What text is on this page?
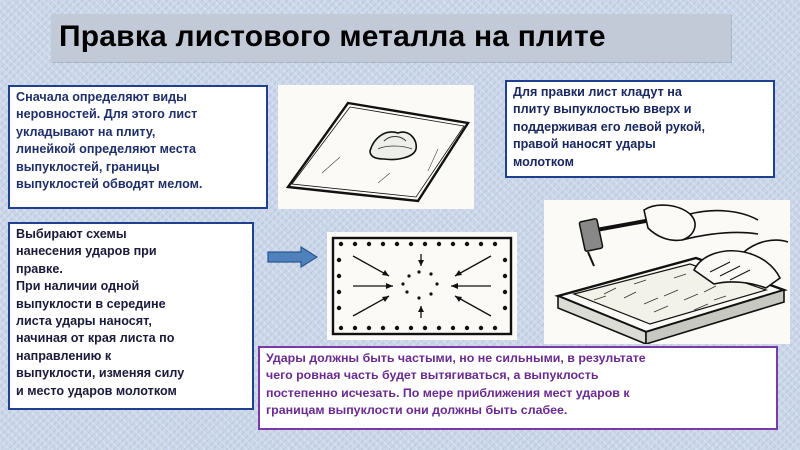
Правка листового металла на плите

Сначала определяют виды

неровностей. Для этого лист

укладывают на плиту,

линейкой определяют места

выпуклостей, границы

выпуклостей обводят мелом.

Для правки лист кладут на

плиту выпуклостью вверх и

поддерживая его левой рукой,

правой наносят удары

молотком

Выбирают схемы

нанесения ударов при

правке.

При наличии одной

выпуклости в середине

листа удары наносят,

начиная от края листа по

направлению к

выпуклости, изменяя силу

и место ударов молотком

Удары должны быть частыми, но не сильными, в результате

чего ровная часть будет вытягиваться, а выпуклость

постепенно исчезать. По мере приближения мест ударов к

границам выпуклости они должны быть слабее.
